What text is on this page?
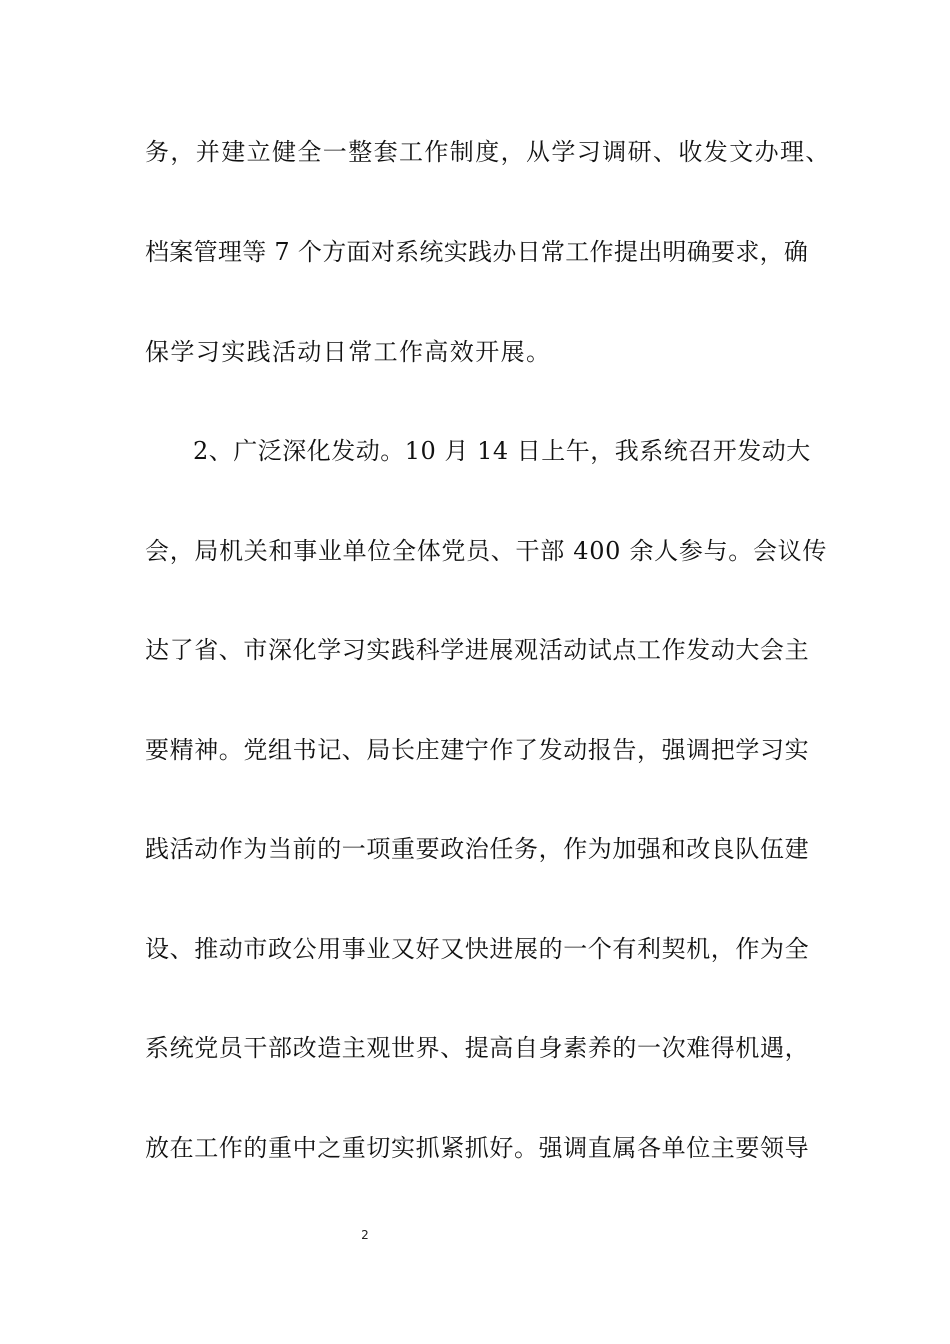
务，并建立健全一整套工作制度，从学习调研、收发文办理、
档案管理等 7 个方面对系统实践办日常工作提出明确要求，确
保学习实践活动日常工作高效开展。
2、广泛深化发动。10 月 14 日上午，我系统召开发动大
会，局机关和事业单位全体党员、干部 400 余人参与。会议传
达了省、市深化学习实践科学进展观活动试点工作发动大会主
要精神。党组书记、局长庄建宁作了发动报告，强调把学习实
践活动作为当前的一项重要政治任务，作为加强和改良队伍建
设、推动市政公用事业又好又快进展的一个有利契机，作为全
系统党员干部改造主观世界、提高自身素养的一次难得机遇，
放在工作的重中之重切实抓紧抓好。强调直属各单位主要领导
2
